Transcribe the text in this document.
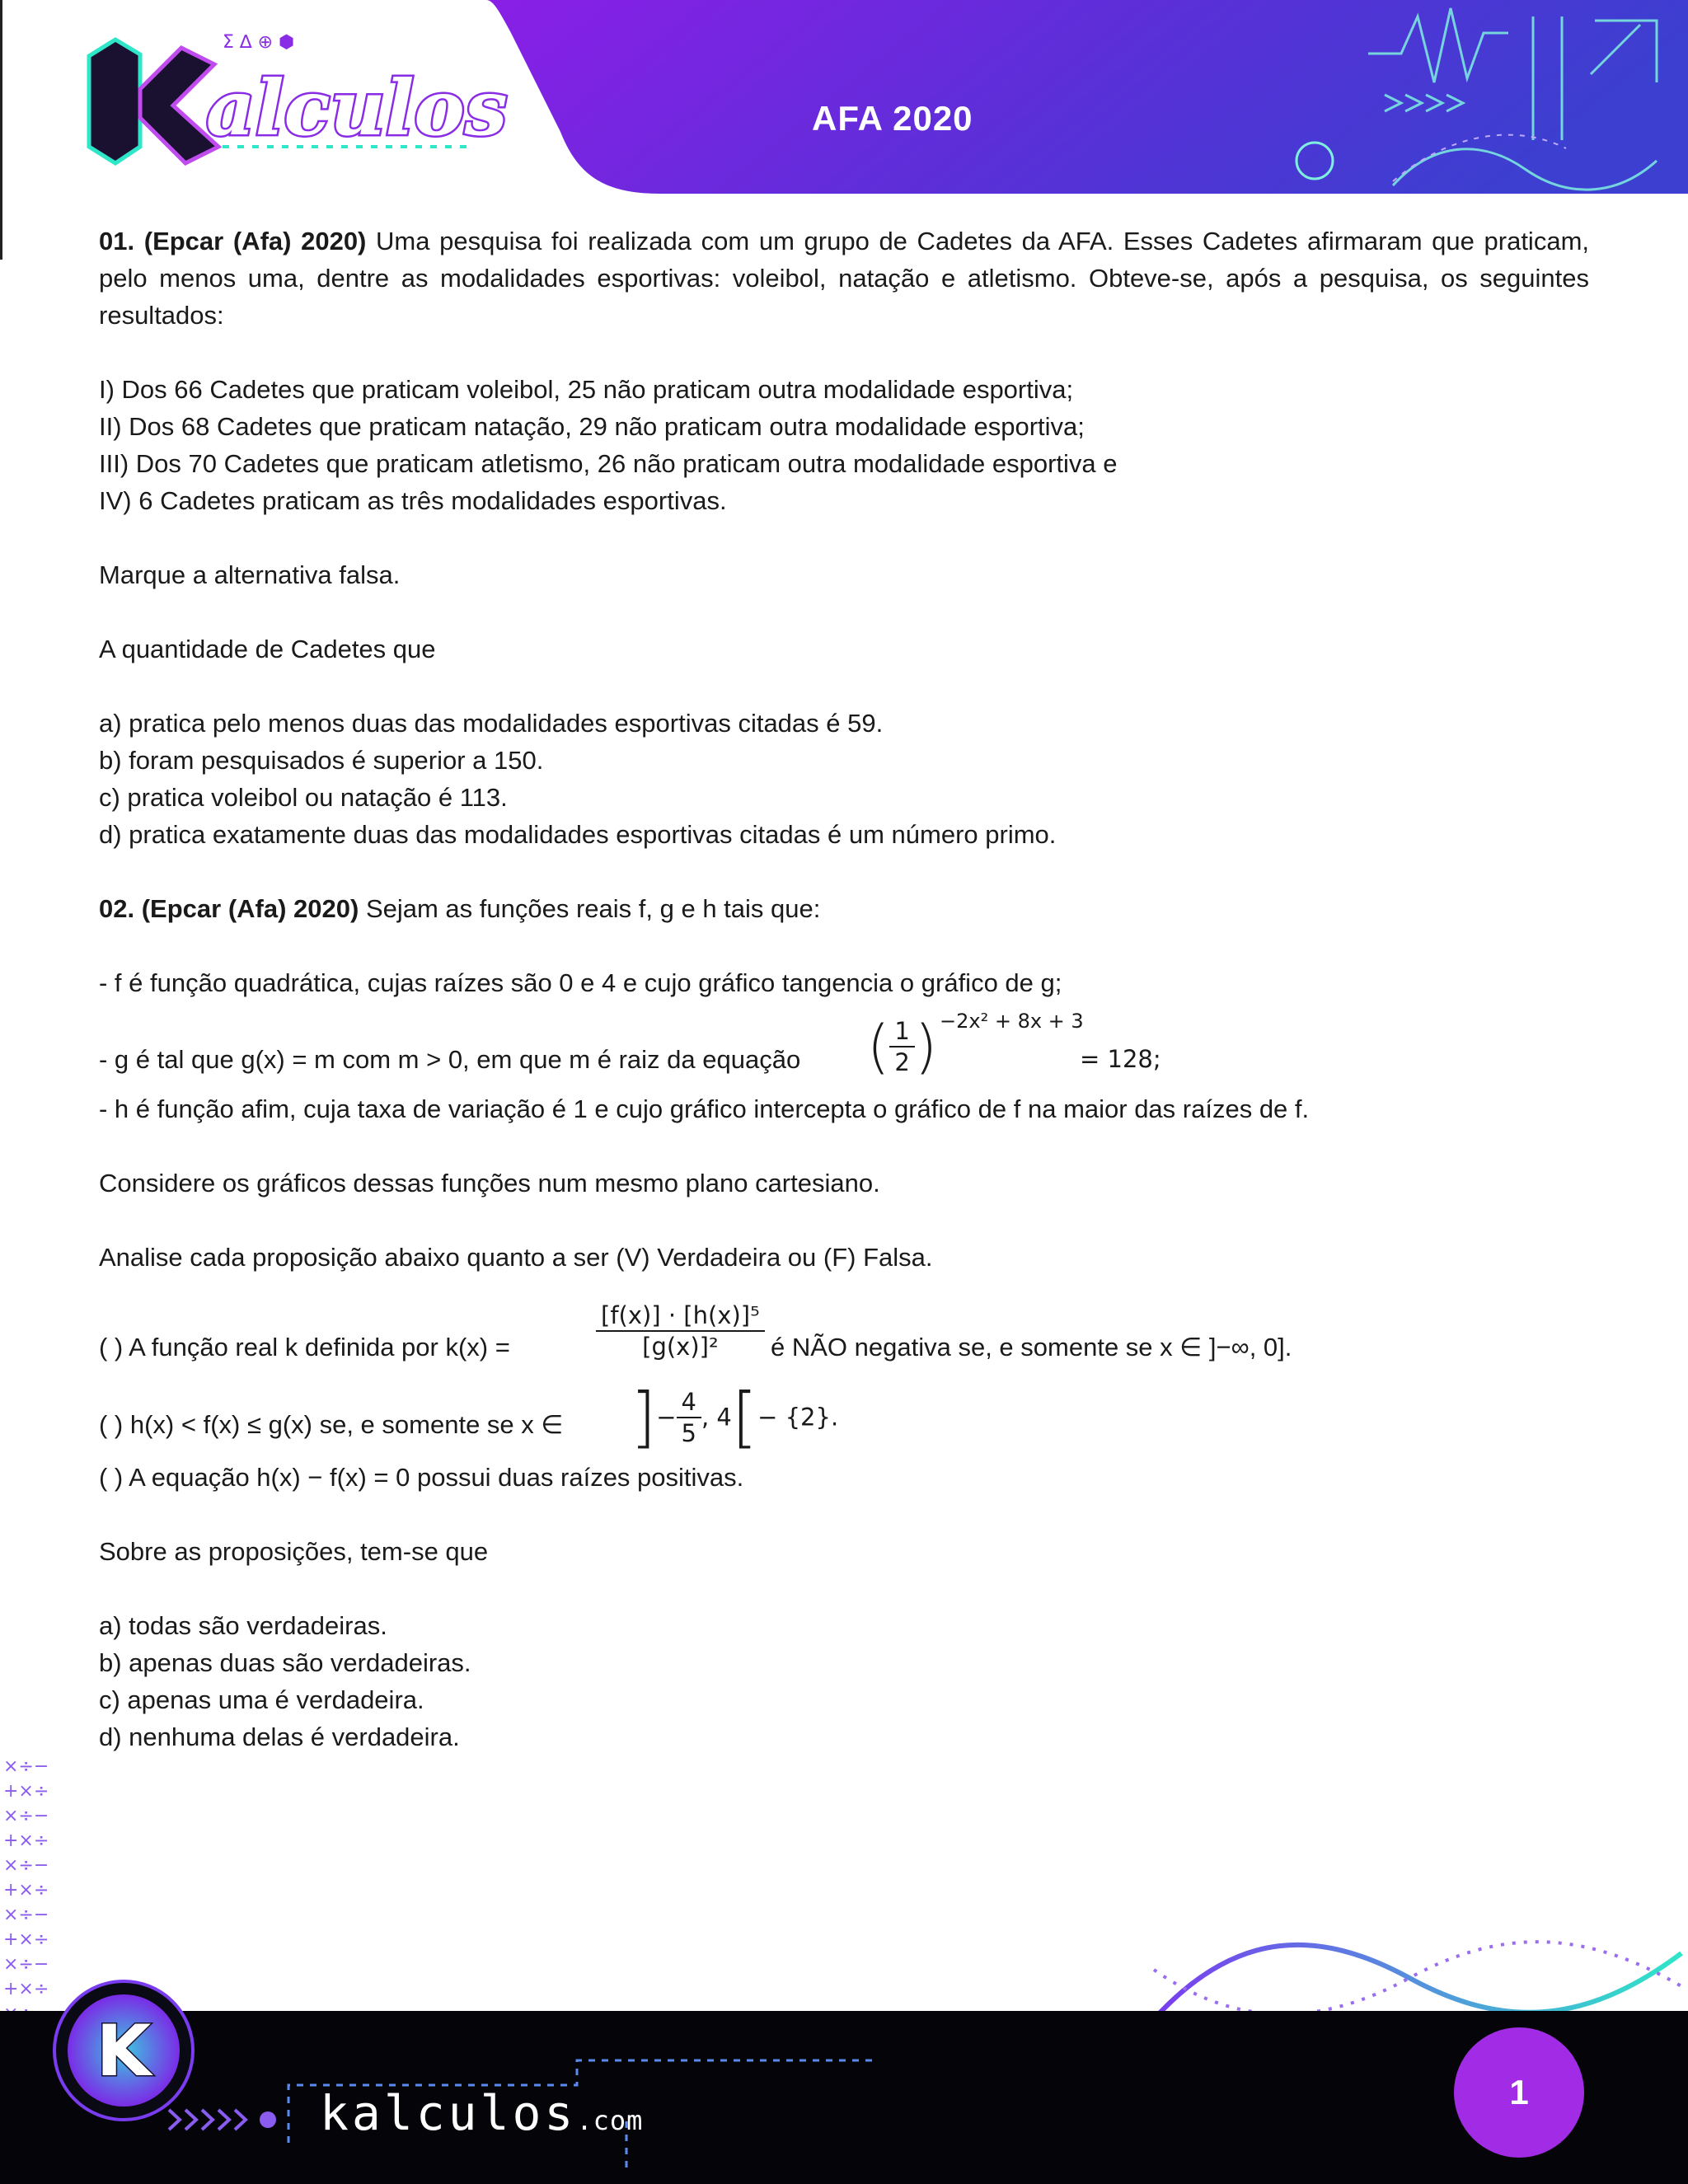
alculos
Σ ∆ ⊕ ⬢
AFA 2020

01. (Epcar (Afa) 2020) Uma pesquisa foi realizada com um grupo de Cadetes da AFA. Esses Cadetes afirmaram que praticam, pelo menos uma, dentre as modalidades esportivas: voleibol, natação e atletismo. Obteve-se, após a pesquisa, os seguintes resultados:

I) Dos 66 Cadetes que praticam voleibol, 25 não praticam outra modalidade esportiva;

II) Dos 68 Cadetes que praticam natação, 29 não praticam outra modalidade esportiva;

III) Dos 70 Cadetes que praticam atletismo, 26 não praticam outra modalidade esportiva e

IV) 6 Cadetes praticam as três modalidades esportivas.

Marque a alternativa falsa.

A quantidade de Cadetes que

a) pratica pelo menos duas das modalidades esportivas citadas é 59.

b) foram pesquisados é superior a 150.

c) pratica voleibol ou natação é 113.

d) pratica exatamente duas das modalidades esportivas citadas é um número primo.

02. (Epcar (Afa) 2020) Sejam as funções reais f, g e h tais que:

- f é função quadrática, cujas raízes são 0 e 4 e cujo gráfico tangencia o gráfico de g;

- g é tal que g(x) = m com m > 0, em que m é raiz da equação ( $\frac{1}{2}$ ) −2x² + 8x + 3
= 128;

- h é função afim, cuja taxa de variação é 1 e cujo gráfico intercepta o gráfico de f na maior das raízes de f.

Considere os gráficos dessas funções num mesmo plano cartesiano.

Analise cada proposição abaixo quanto a ser (V) Verdadeira ou (F) Falsa.

( ) A função real k definida por k(x) =	$\frac{\text{[f(x)] · [h(x)]⁵}}{\text{[g(x)]²}}$ é NÃO negativa se, e somente se x ∈ ]−∞, 0].
( ) h(x) < f(x) ≤ g(x) se, e somente se x ∈ ]− $\frac{4}{5}$ , 4[− {2}.

( ) A equação h(x) − f(x) = 0 possui duas raízes positivas.

Sobre as proposições, tem-se que

a) todas são verdadeiras.

b) apenas duas são verdadeiras.

c) apenas uma é verdadeira.

d) nenhuma delas é verdadeira.

×÷−
+×÷
×÷−
+×÷
×÷−
+×÷
×÷−
+×÷
×÷−
+×÷
K
kalculos.com
1
